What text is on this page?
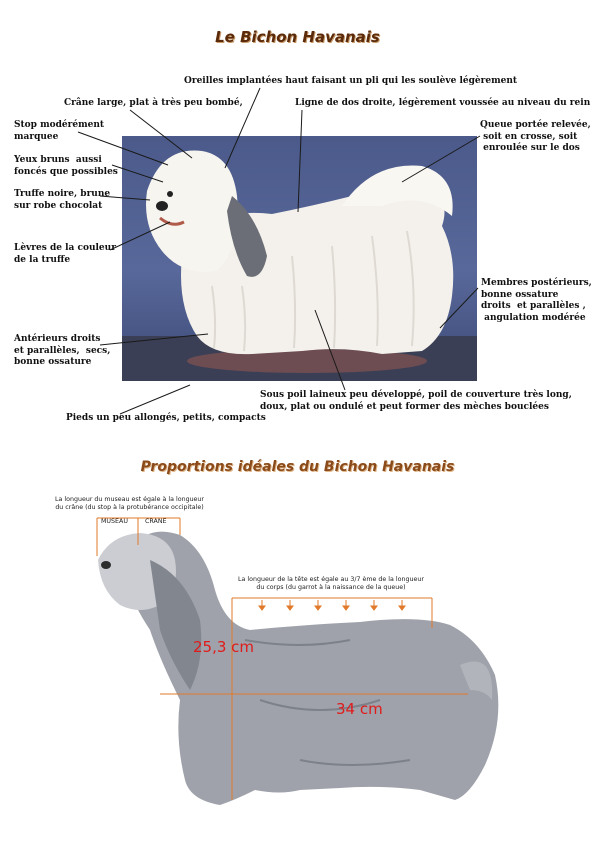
Le Bichon Havanais
Oreilles implantées haut faisant un pli qui les soulève légèrement
Crâne large, plat à très peu bombé,	Ligne de dos droite, légèrement voussée au niveau du rein
Stop modérément
marquee
Yeux bruns  aussi
foncés que possibles
Truffe noire, brune
sur robe chocolat
Lèvres de la couleur
de la truffe
Queue portée relevée,
soit en crosse, soit
enroulée sur le dos
Membres postérieurs,
bonne ossature
droits  et parallèles ,
angulation modérée
Antérieurs droits
et parallèles,  secs,
bonne ossature
Sous poil laineux peu développé, poil de couverture très long,
doux, plat ou ondulé et peut former des mèches bouclées
Pieds un peu allongés, petits, compacts
Proportions idéales du Bichon Havanais
La longueur du museau est égale à la longueur
du crâne (du stop à la protubérance occipitale)
MUSEAU	CRANE
La longueur de la tête est égale au 3/7 ème de la longueur
du corps (du garrot à la naissance de la queue)
25,3 cm
34 cm
